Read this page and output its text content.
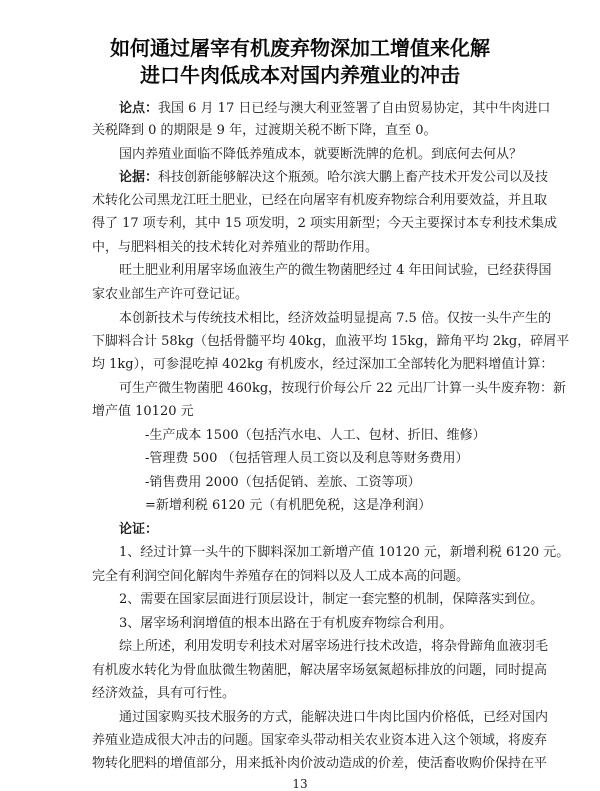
如何通过屠宰有机废弃物深加工增值来化解
进口牛肉低成本对国内养殖业的冲击
论点：我国 6 月 17 日已经与澳大利亚签署了自由贸易协定，其中牛肉进口
关税降到 0 的期限是 9 年，过渡期关税不断下降，直至 0。
国内养殖业面临不降低养殖成本，就要断洗牌的危机。到底何去何从？
论据：科技创新能够解决这个瓶颈。哈尔滨大鹏上畜产技术开发公司以及技
术转化公司黑龙江旺土肥业，已经在向屠宰有机废弃物综合利用要效益，并且取
得了 17 项专利，其中 15 项发明，2 项实用新型；今天主要探讨本专利技术集成
中，与肥料相关的技术转化对养殖业的帮助作用。
旺土肥业利用屠宰场血液生产的微生物菌肥经过 4 年田间试验，已经获得国
家农业部生产许可登记证。
本创新技术与传统技术相比，经济效益明显提高 7.5 倍。仅按一头牛产生的
下脚料合计 58kg（包括骨髓平均 40kg，血液平均 15kg，蹄角平均 2kg，碎屑平
均 1kg），可参混吃掉 402kg 有机废水，经过深加工全部转化为肥料增值计算：
可生产微生物菌肥 460kg，按现行价每公斤 22 元出厂计算一头牛废弃物：新
增产值 10120 元
-生产成本 1500（包括汽水电、人工、包材、折旧、维修）
-管理费 500 （包括管理人员工资以及利息等财务费用）
-销售费用 2000（包括促销、差旅、工资等项）
=新增利税 6120 元（有机肥免税，这是净利润）
论证：
1、经过计算一头牛的下脚料深加工新增产值 10120 元，新增利税 6120 元。
完全有利润空间化解肉牛养殖存在的饲料以及人工成本高的问题。
2、需要在国家层面进行顶层设计，制定一套完整的机制，保障落实到位。
3、屠宰场利润增值的根本出路在于有机废弃物综合利用。
综上所述，利用发明专利技术对屠宰场进行技术改造，将杂骨蹄角血液羽毛
有机废水转化为骨血肽微生物菌肥，解决屠宰场氨氮超标排放的问题，同时提高
经济效益，具有可行性。
通过国家购买技术服务的方式，能解决进口牛肉比国内价格低，已经对国内
养殖业造成很大冲击的问题。国家牵头带动相关农业资本进入这个领域，将废弃
物转化肥料的增值部分，用来抵补肉价波动造成的价差，使活畜收购价保持在平
13
